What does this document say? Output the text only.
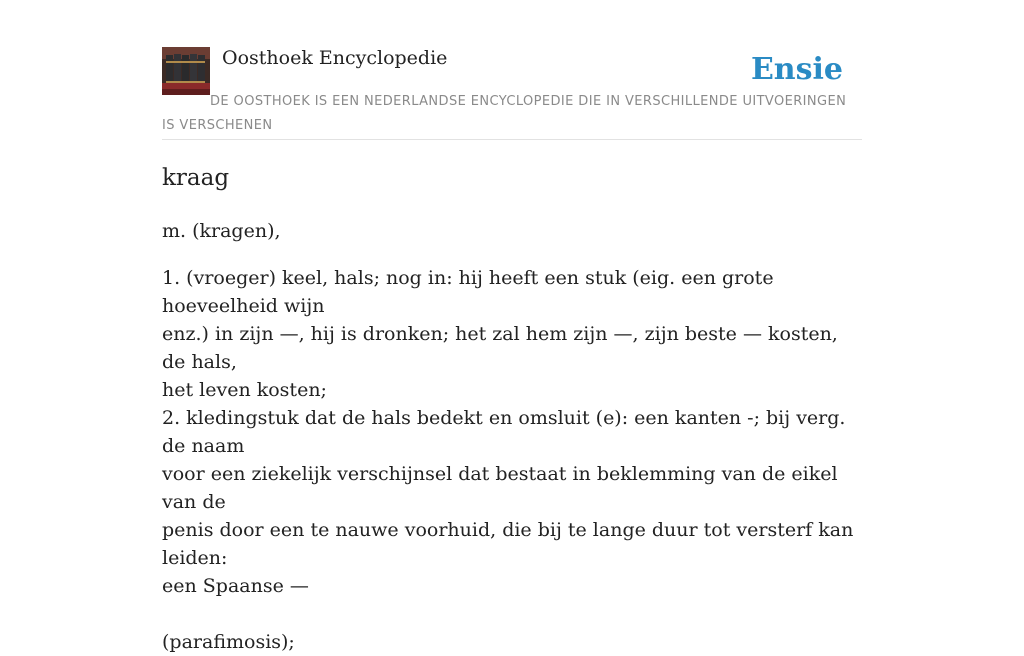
Oosthoek Encyclopedie	Ensie
DE OOSTHOEK IS EEN NEDERLANDSE ENCYCLOPEDIE DIE IN VERSCHILLENDE UITVOERINGEN IS VERSCHENEN
kraag

m. (kragen),

1. (vroeger) keel, hals; nog in: hij heeft een stuk (eig. een grote hoeveelheid wijn
enz.) in zijn —, hij is dronken; het zal hem zijn —, zijn beste — kosten, de hals,
het leven kosten;
2. kledingstuk dat de hals bedekt en omsluit (e): een kanten -; bij verg. de naam
voor een ziekelijk verschijnsel dat bestaat in beklemming van de eikel van de
penis door een te nauwe voorhuid, die bij te lange duur tot versterf kan leiden:
een Spaanse —
(parafimosis);
